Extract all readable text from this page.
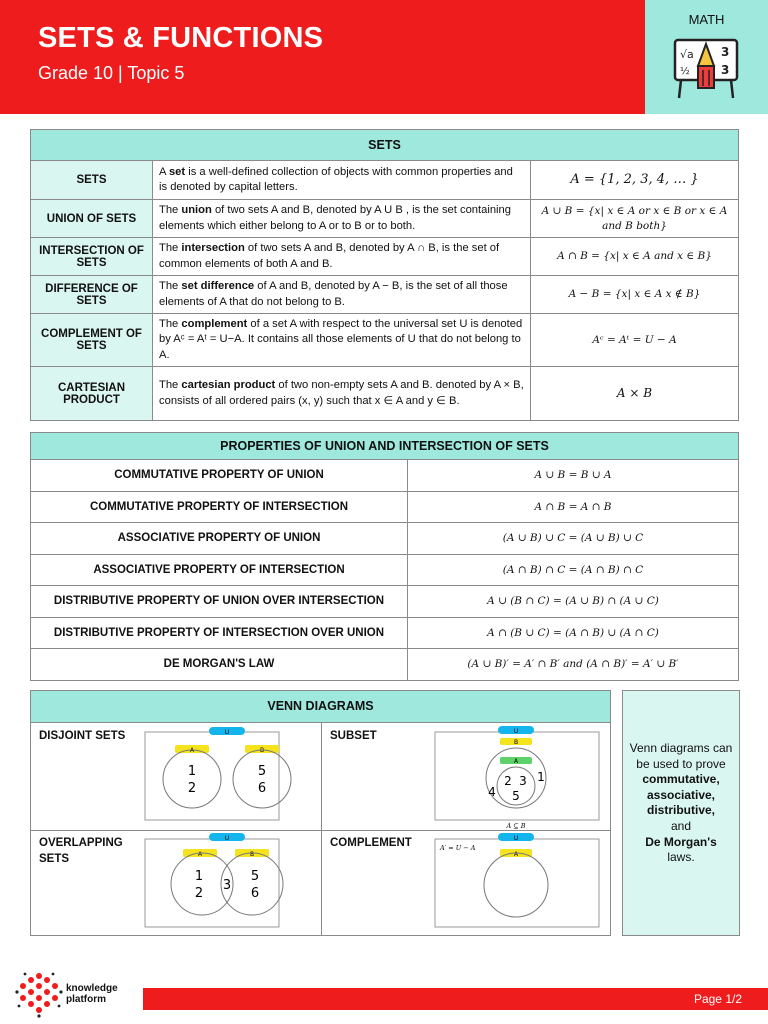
SETS & FUNCTIONS
Grade 10 | Topic 5
MATH
√a 3
½	3
SETS		
SETS	A set is a well-defined collection of objects with common properties and is denoted by capital letters.	A = {1, 2, 3, 4, … }
UNION OF SETS	The union of two sets A and B, denoted by A U B , is the set containing elements which either belong to A or to B or to both.	A ∪ B = {x| x ∈ A or x ∈ B or x ∈ A and B both}
INTERSECTION OF SETS	The intersection of two sets A and B, denoted by A ∩ B, is the set of common elements of both A and B.	A ∩ B = {x| x ∈ A and x ∈ B}
DIFFERENCE OF SETS	The set difference of A and B, denoted by A − B, is the set of all those elements of A that do not belong to B.	A − B = {x| x ∈ A x ∉ B}
COMPLEMENT OF SETS	The complement of a set A with respect to the universal set U is denoted by Aᶜ = Aᵗ = U−A. It contains all those elements of U that do not belong to A.	Aᶜ = Aᵗ = U − A
CARTESIAN PRODUCT	The cartesian product of two non-empty sets A and B. denoted by A × B, consists of all ordered pairs (x, y) such that x ∈ A and y ∈ B.	A × B
PROPERTIES OF UNION AND INTERSECTION OF SETS	
COMMUTATIVE PROPERTY OF UNION	A ∪ B = B ∪ A
COMMUTATIVE PROPERTY OF INTERSECTION	A ∩ B = A ∩ B
ASSOCIATIVE PROPERTY OF UNION	(A ∪ B) ∪ C = (A ∪ B) ∪ C
ASSOCIATIVE PROPERTY OF INTERSECTION	(A ∩ B) ∩ C = (A ∩ B) ∩ C
DISTRIBUTIVE PROPERTY OF UNION OVER INTERSECTION	A ∪ (B ∩ C) = (A ∪ B) ∩ (A ∪ C)
DISTRIBUTIVE PROPERTY OF INTERSECTION OVER UNION	A ∩ (B ∪ C) = (A ∩ B) ∪ (A ∩ C)
DE MORGAN'S LAW	(A ∪ B)′ = A′ ∩ B′ and (A ∩ B)′ = A′ ∪ B′
VENN DIAGRAMS
DISJOINT SETS	U
A	B
1
2
5
6
SUBSET	U
B
A
2 3
5
4
1
A ⊆ B
OVERLAPPING SETS
U
A	B
1
2
3
5
6
COMPLEMENT	U
A′ = U − A
A
Venn diagrams can be used to prove
commutative,
associative,
distributive,
and
De Morgan's
laws.
knowledge
platform	Page 1/2
